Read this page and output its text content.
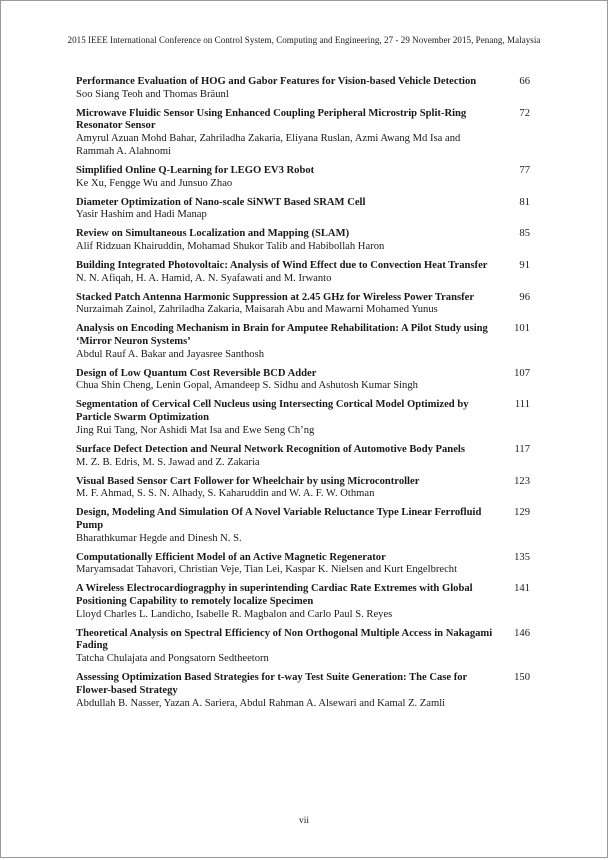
2015 IEEE International Conference on Control System, Computing and Engineering, 27 - 29 November 2015, Penang, Malaysia
Performance Evaluation of HOG and Gabor Features for Vision-based Vehicle Detection
Soo Siang Teoh and Thomas Bräunl
66
Microwave Fluidic Sensor Using Enhanced Coupling Peripheral Microstrip Split-Ring Resonator Sensor
Amyrul Azuan Mohd Bahar, Zahriladha Zakaria, Eliyana Ruslan, Azmi Awang Md Isa and Rammah A. Alahnomi
72
Simplified Online Q-Learning for LEGO EV3 Robot
Ke Xu, Fengge Wu and Junsuo Zhao
77
Diameter Optimization of Nano-scale SiNWT Based SRAM Cell
Yasir Hashim and Hadi Manap
81
Review on Simultaneous Localization and Mapping (SLAM)
Alif Ridzuan Khairuddin, Mohamad Shukor Talib and Habibollah Haron
85
Building Integrated Photovoltaic: Analysis of Wind Effect due to Convection Heat Transfer
N. N. Afiqah, H. A. Hamid, A. N. Syafawati and M. Irwanto
91
Stacked Patch Antenna Harmonic Suppression at 2.45 GHz for Wireless Power Transfer
Nurzaimah Zainol, Zahriladha Zakaria, Maisarah Abu and Mawarni Mohamed Yunus
96
Analysis on Encoding Mechanism in Brain for Amputee Rehabilitation: A Pilot Study using ‘Mirror Neuron Systems’
Abdul Rauf A. Bakar and Jayasree Santhosh
101
Design of Low Quantum Cost Reversible BCD Adder
Chua Shin Cheng, Lenin Gopal, Amandeep S. Sidhu and Ashutosh Kumar Singh
107
Segmentation of Cervical Cell Nucleus using Intersecting Cortical Model Optimized by Particle Swarm Optimization
Jing Rui Tang, Nor Ashidi Mat Isa and Ewe Seng Ch’ng
111
Surface Defect Detection and Neural Network Recognition of Automotive Body Panels
M. Z. B. Edris, M. S. Jawad and Z. Zakaria
117
Visual Based Sensor Cart Follower for Wheelchair by using Microcontroller
M. F. Ahmad, S. S. N. Alhady, S. Kaharuddin and W. A. F. W. Othman
123
Design, Modeling And Simulation Of A Novel Variable Reluctance Type Linear Ferrofluid Pump
Bharathkumar Hegde and Dinesh N. S.
129
Computationally Efficient Model of an Active Magnetic Regenerator
Maryamsadat Tahavori, Christian Veje, Tian Lei, Kaspar K. Nielsen and Kurt Engelbrecht
135
A Wireless Electrocardiogragphy in superintending Cardiac Rate Extremes with Global Positioning Capability to remotely localize Specimen
Lloyd Charles L. Landicho, Isabelle R. Magbalon and Carlo Paul S. Reyes
141
Theoretical Analysis on Spectral Efficiency of Non Orthogonal Multiple Access in Nakagami Fading
Tatcha Chulajata and Pongsatorn Sedtheetorn
146
Assessing Optimization Based Strategies for t-way Test Suite Generation: The Case for Flower-based Strategy
Abdullah B. Nasser, Yazan A. Sariera, Abdul Rahman A. Alsewari and Kamal Z. Zamli
150
vii
